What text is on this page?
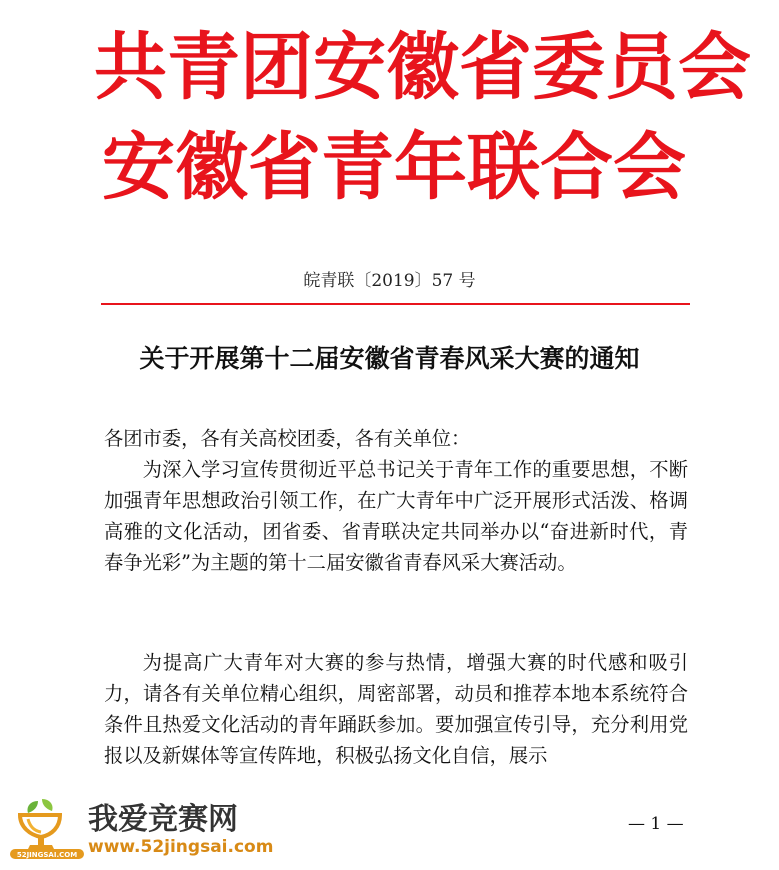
共青团安徽省委员会
安徽省青年联合会
皖青联〔2019〕57 号
关于开展第十二届安徽省青春风采大赛的通知

各团市委，各有关高校团委，各有关单位：

为深入学习宣传贯彻近平总书记关于青年工作的重要思想，不断加强青年思想政治引领工作，在广大青年中广泛开展形式活泼、格调高雅的文化活动，团省委、省青联决定共同举办以“奋进新时代，青春争光彩”为主题的第十二届安徽省青春风采大赛活动。

为提高广大青年对大赛的参与热情，增强大赛的时代感和吸引力，请各有关单位精心组织，周密部署，动员和推荐本地本系统符合条件且热爱文化活动的青年踊跃参加。要加强宣传引导，充分利用党报以及新媒体等宣传阵地，积极弘扬文化自信，展示

— 1 —
52JINGSAI.COM
我爱竞赛网
www.52jingsai.com
